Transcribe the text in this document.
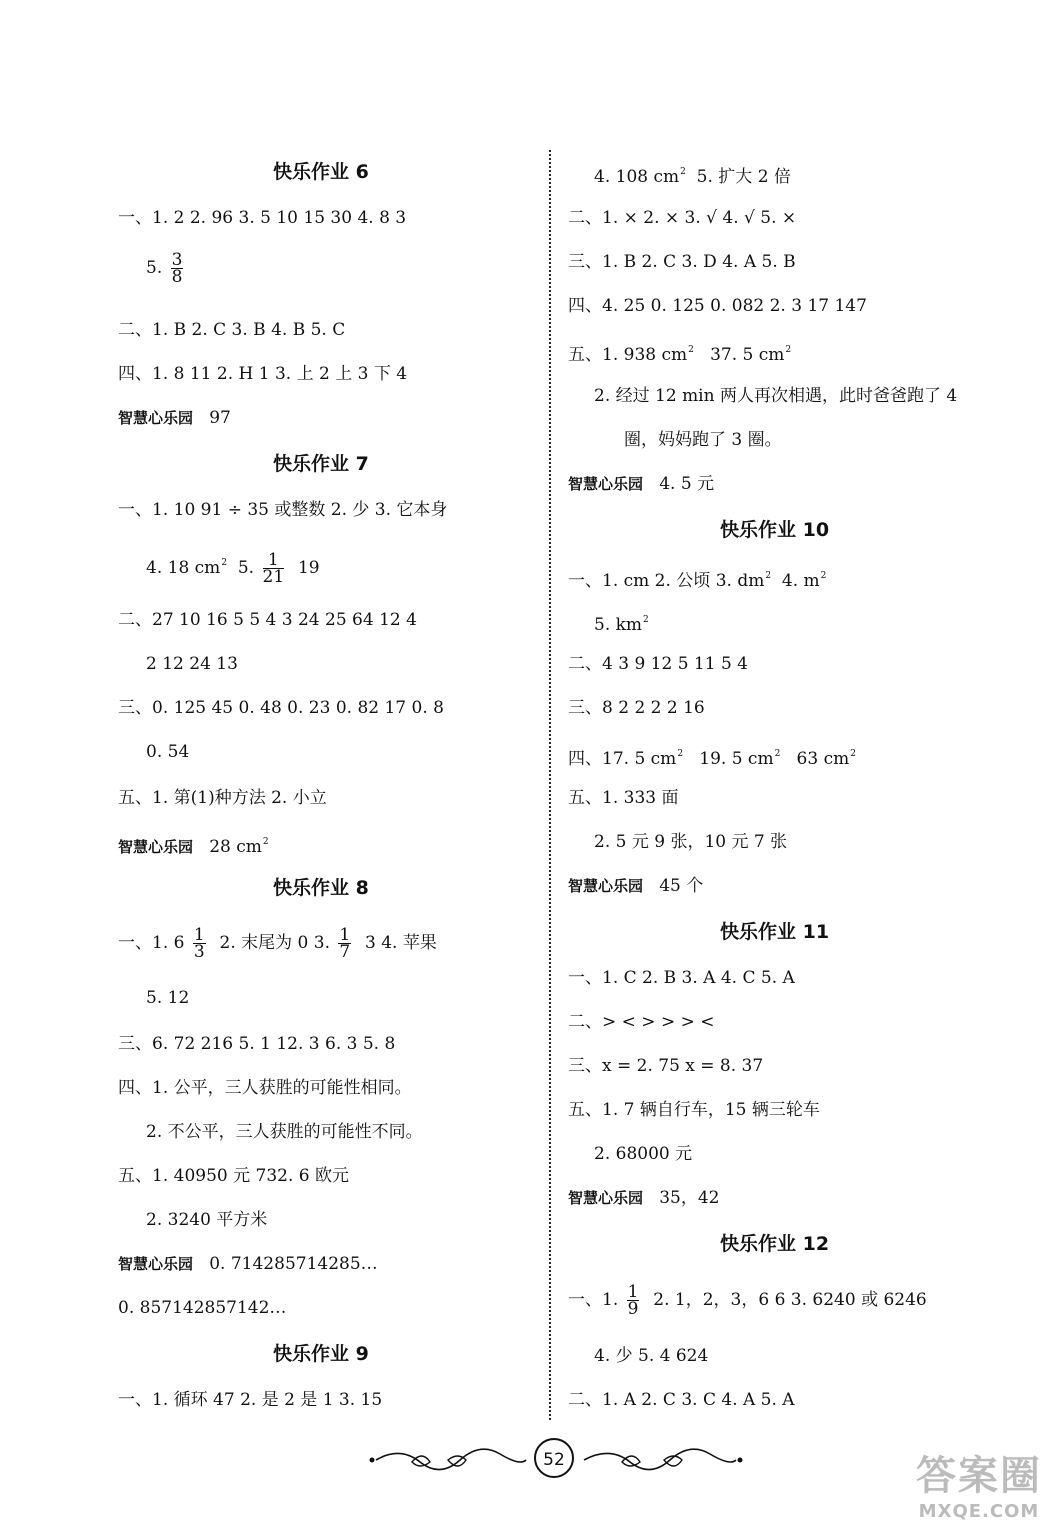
快乐作业 6
一、1. 2 2. 96 3. 5 10 15 30 4. 8 3
5. $\frac{3}{8}$
二、1. B 2. C 3. B 4. B 5. C
四、1. 8 11 2. H 1 3. 上 2 上 3 下 4
智慧心乐园 97
快乐作业 7
一、1. 10 91 ÷ 35 或整数 2. 少 3. 它本身
4. 18 $cm^2$ 5. $\frac{1}{21} 19$
二、27 10 16 5 5 4 3 24 25 64 12 4
2 12 24 13
三、0. 125 45 0. 48 0. 23 0. 82 17 0. 8
0. 54
五、1. 第(1)种方法 2. 小立
智慧心乐园 28 $cm^2$
快乐作业 8
一、1. $6 \frac{1}{3} 2$. 末尾为 0 3. $\frac{1}{7} 3$ 4. 苹果
5. 12
三、6. 72 216 5. 1 12. 3 6. 3 5. 8
四、1. 公平，三人获胜的可能性相同。
2. 不公平，三人获胜的可能性不同。
五、1. 40950 元 732. 6 欧元
2. 3240 平方米
智慧心乐园 0. 714285714285…
0. 857142857142…
快乐作业 9
一、1. 循环 47 2. 是 2 是 1 3. 15
4. 108 $cm^2$ 5. 扩大 2 倍
二、1. × 2. × 3. √ 4. √ 5. ×
三、1. B 2. C 3. D 4. A 5. B
四、4. 25 0. 125 0. 082 2. 3 17 147
五、1. 938 $cm^2$ 37. 5 $cm^2$
2. 经过 12 min 两人再次相遇，此时爸爸跑了 4
圈，妈妈跑了 3 圈。
智慧心乐园 4. 5 元
快乐作业 10
一、1. cm 2. 公顷 3. $dm^2$ 4. $m^2$
5. $km^2$
二、4 3 9 12 5 11 5 4
三、8 2 2 2 2 16
四、17. 5 $cm^2$ 19. 5 $cm^2$ 63 $cm^2$
五、1. 333 面
2. 5 元 9 张，10 元 7 张
智慧心乐园 45 个
快乐作业 11
一、1. C 2. B 3. A 4. C 5. A
二、> < > > > <
三、x = 2. 75 x = 8. 37
五、1. 7 辆自行车，15 辆三轮车
2. 68000 元
智慧心乐园 35，42
快乐作业 12
一、1. $\frac{1}{9} 2$. 1，2，3，6 6 3. 6240 或 6246
4. 少 5. 4 624
二、1. A 2. C 3. C 4. A 5. A
52	答案圈
MXQE.COM
